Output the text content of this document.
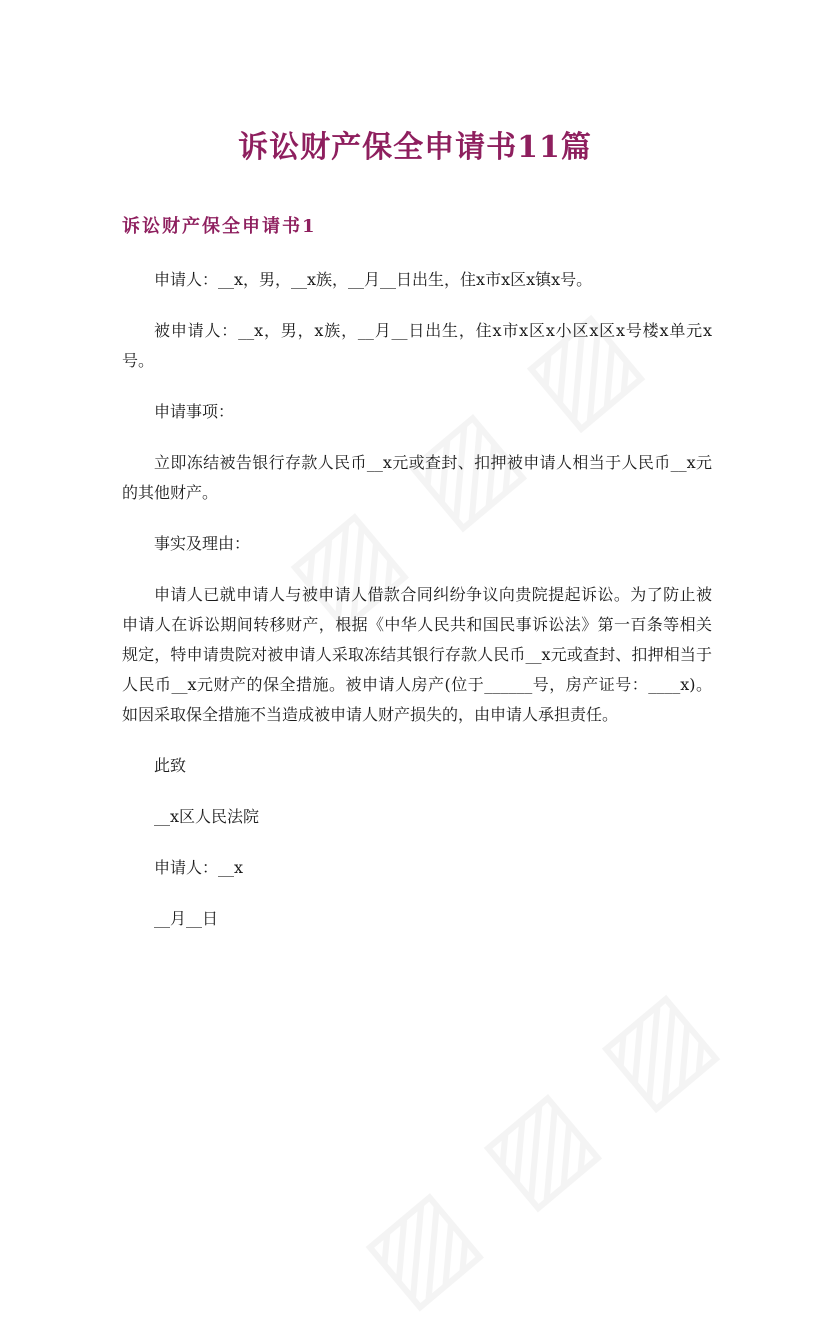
诉讼财产保全申请书11篇
诉讼财产保全申请书1

申请人：__x，男，__x族，__月__日出生，住x市x区x镇x号。

被申请人：__x，男，x族，__月__日出生，住x市x区x小区x区x号楼x单元x号。

申请事项：

立即冻结被告银行存款人民币__x元或查封、扣押被申请人相当于人民币__x元的其他财产。

事实及理由：

申请人已就申请人与被申请人借款合同纠纷争议向贵院提起诉讼。为了防止被申请人在诉讼期间转移财产，根据《中华人民共和国民事诉讼法》第一百条等相关规定，特申请贵院对被申请人采取冻结其银行存款人民币__x元或查封、扣押相当于人民币__x元财产的保全措施。被申请人房产(位于______号，房产证号：____x)。如因采取保全措施不当造成被申请人财产损失的，由申请人承担责任。

此致

__x区人民法院

申请人：__x

__月__日
